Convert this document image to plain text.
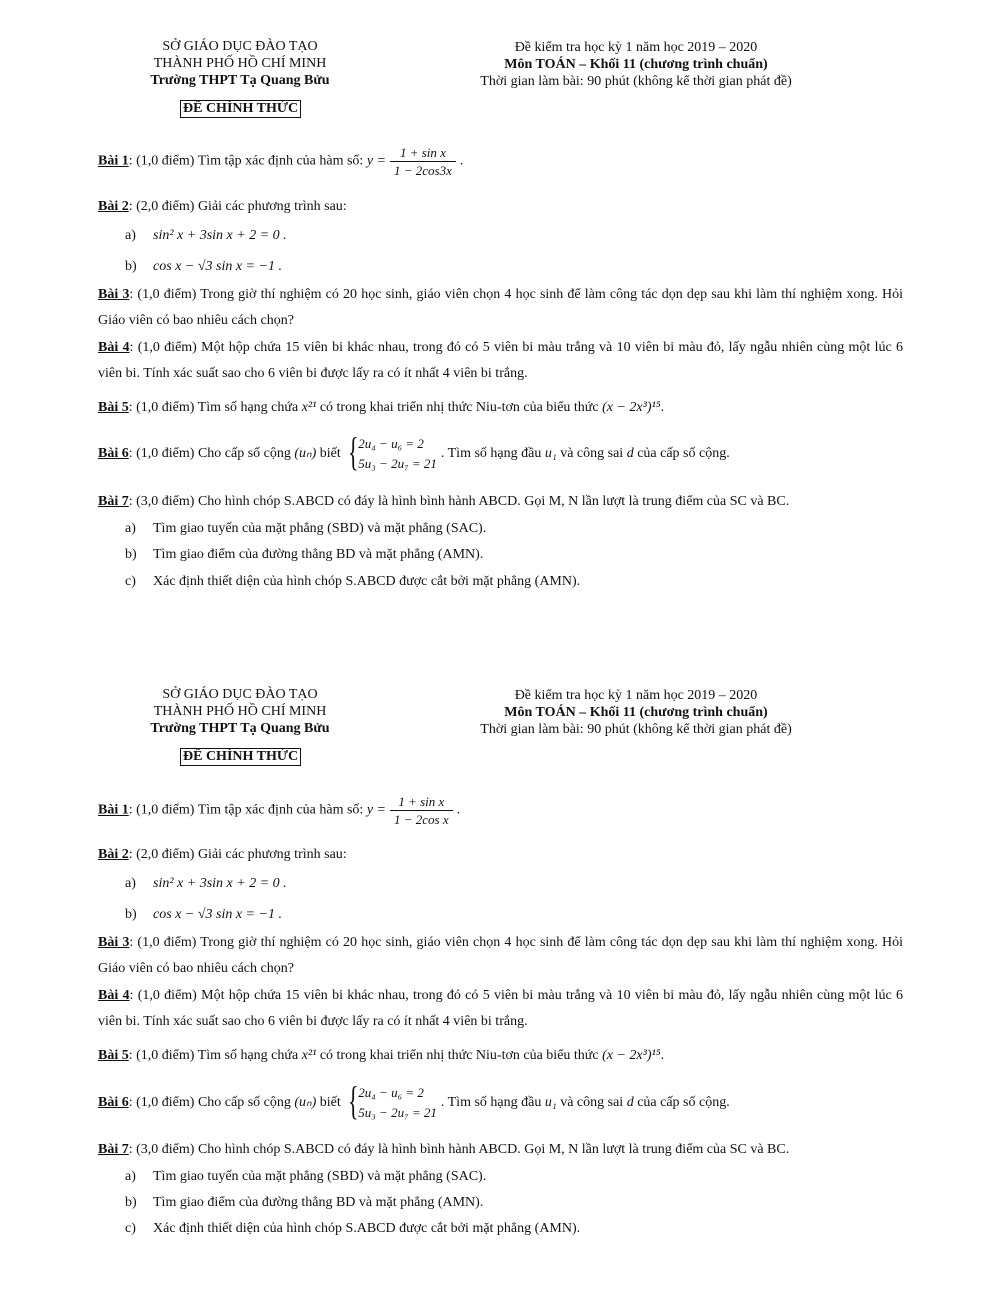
SỞ GIÁO DỤC ĐÀO TẠO
THÀNH PHỐ HỒ CHÍ MINH
Trường THPT Tạ Quang Bửu
ĐỀ CHÍNH THỨC
Đề kiểm tra học kỳ 1 năm học 2019 – 2020
Môn TOÁN – Khối 11 (chương trình chuẩn)
Thời gian làm bài: 90 phút (không kể thời gian phát đề)
Bài 1: (1,0 điểm) Tìm tập xác định của hàm số: $y = \frac{\text{1 + sin x}}{1 - 2\cos 3x}$ .
Bài 2: (2,0 điểm) Giải các phương trình sau:
a) sin² x + 3sin x + 2 = 0 .
b) cos x − √3 sin x = −1 .
Bài 3: (1,0 điểm) Trong giờ thí nghiệm có 20 học sinh, giáo viên chọn 4 học sinh để làm công tác dọn dẹp sau khi làm thí nghiệm xong. Hỏi Giáo viên có bao nhiêu cách chọn?
Bài 4: (1,0 điểm) Một hộp chứa 15 viên bi khác nhau, trong đó có 5 viên bi màu trắng và 10 viên bi màu đỏ, lấy ngẫu nhiên cùng một lúc 6 viên bi. Tính xác suất sao cho 6 viên bi được lấy ra có ít nhất 4 viên bi trắng.
Bài 5: (1,0 điểm) Tìm số hạng chứa x²¹ có trong khai triển nhị thức Niu-tơn của biểu thức (x − 2x³)¹⁵.
Bài 6: (1,0 điểm) Cho cấp số cộng (uₙ) biết { 2u₄ − u₆ = 2
5u₃ − 2u₇ = 21
. Tìm số hạng đầu u₁ và công sai d của cấp số cộng.
Bài 7: (3,0 điểm) Cho hình chóp S.ABCD có đáy là hình bình hành ABCD. Gọi M, N lần lượt là trung điểm của SC và BC.
a) Tìm giao tuyến của mặt phẳng (SBD) và mặt phẳng (SAC).
b) Tìm giao điểm của đường thẳng BD và mặt phẳng (AMN).
c) Xác định thiết diện của hình chóp S.ABCD được cắt bởi mặt phẳng (AMN).
SỞ GIÁO DỤC ĐÀO TẠO
THÀNH PHỐ HỒ CHÍ MINH
Trường THPT Tạ Quang Bửu
ĐỀ CHÍNH THỨC
Đề kiểm tra học kỳ 1 năm học 2019 – 2020
Môn TOÁN – Khối 11 (chương trình chuẩn)
Thời gian làm bài: 90 phút (không kể thời gian phát đề)
Bài 1: (1,0 điểm) Tìm tập xác định của hàm số: $y = \frac{\text{1 + sin x}}{\text{1 − 2cos x}}$ .
Bài 2: (2,0 điểm) Giải các phương trình sau:
a) sin² x + 3sin x + 2 = 0 .
b) cos x − √3 sin x = −1 .
Bài 3: (1,0 điểm) Trong giờ thí nghiệm có 20 học sinh, giáo viên chọn 4 học sinh để làm công tác dọn dẹp sau khi làm thí nghiệm xong. Hỏi Giáo viên có bao nhiêu cách chọn?
Bài 4: (1,0 điểm) Một hộp chứa 15 viên bi khác nhau, trong đó có 5 viên bi màu trắng và 10 viên bi màu đỏ, lấy ngẫu nhiên cùng một lúc 6 viên bi. Tính xác suất sao cho 6 viên bi được lấy ra có ít nhất 4 viên bi trắng.
Bài 5: (1,0 điểm) Tìm số hạng chứa x²¹ có trong khai triển nhị thức Niu-tơn của biểu thức (x − 2x³)¹⁵.
Bài 6: (1,0 điểm) Cho cấp số cộng (uₙ) biết { 2u₄ − u₆ = 2
5u₃ − 2u₇ = 21
. Tìm số hạng đầu u₁ và công sai d của cấp số cộng.
Bài 7: (3,0 điểm) Cho hình chóp S.ABCD có đáy là hình bình hành ABCD. Gọi M, N lần lượt là trung điểm của SC và BC.
a) Tìm giao tuyến của mặt phẳng (SBD) và mặt phẳng (SAC).
b) Tìm giao điểm của đường thẳng BD và mặt phẳng (AMN).
c) Xác định thiết diện của hình chóp S.ABCD được cắt bởi mặt phẳng (AMN).
